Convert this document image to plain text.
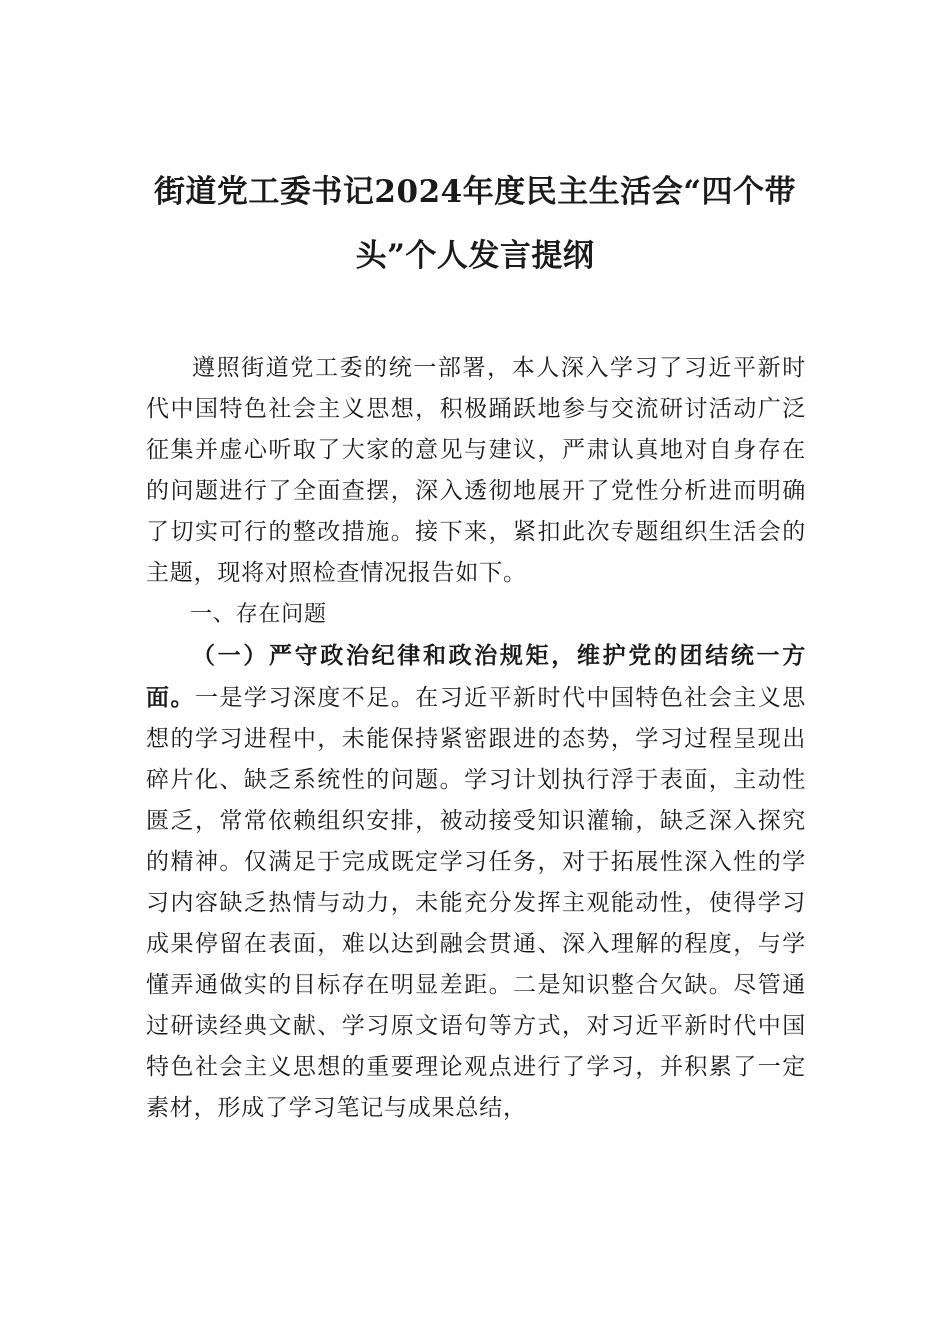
街道党工委书记2024年度民主生活会“四个带头”个人发言提纲

遵照街道党工委的统一部署，本人深入学习了习近平新时代中国特色社会主义思想，积极踊跃地参与交流研讨活动广泛征集并虚心听取了大家的意见与建议，严肃认真地对自身存在的问题进行了全面查摆，深入透彻地展开了党性分析进而明确了切实可行的整改措施。接下来，紧扣此次专题组织生活会的主题，现将对照检查情况报告如下。

一、存在问题

（一）严守政治纪律和政治规矩，维护党的团结统一方面。一是学习深度不足。在习近平新时代中国特色社会主义思想的学习进程中，未能保持紧密跟进的态势，学习过程呈现出碎片化、缺乏系统性的问题。学习计划执行浮于表面，主动性匮乏，常常依赖组织安排，被动接受知识灌输，缺乏深入探究的精神。仅满足于完成既定学习任务，对于拓展性深入性的学习内容缺乏热情与动力，未能充分发挥主观能动性，使得学习成果停留在表面，难以达到融会贯通、深入理解的程度，与学懂弄通做实的目标存在明显差距。二是知识整合欠缺。尽管通过研读经典文献、学习原文语句等方式，对习近平新时代中国特色社会主义思想的重要理论观点进行了学习，并积累了一定素材，形成了学习笔记与成果总结，
